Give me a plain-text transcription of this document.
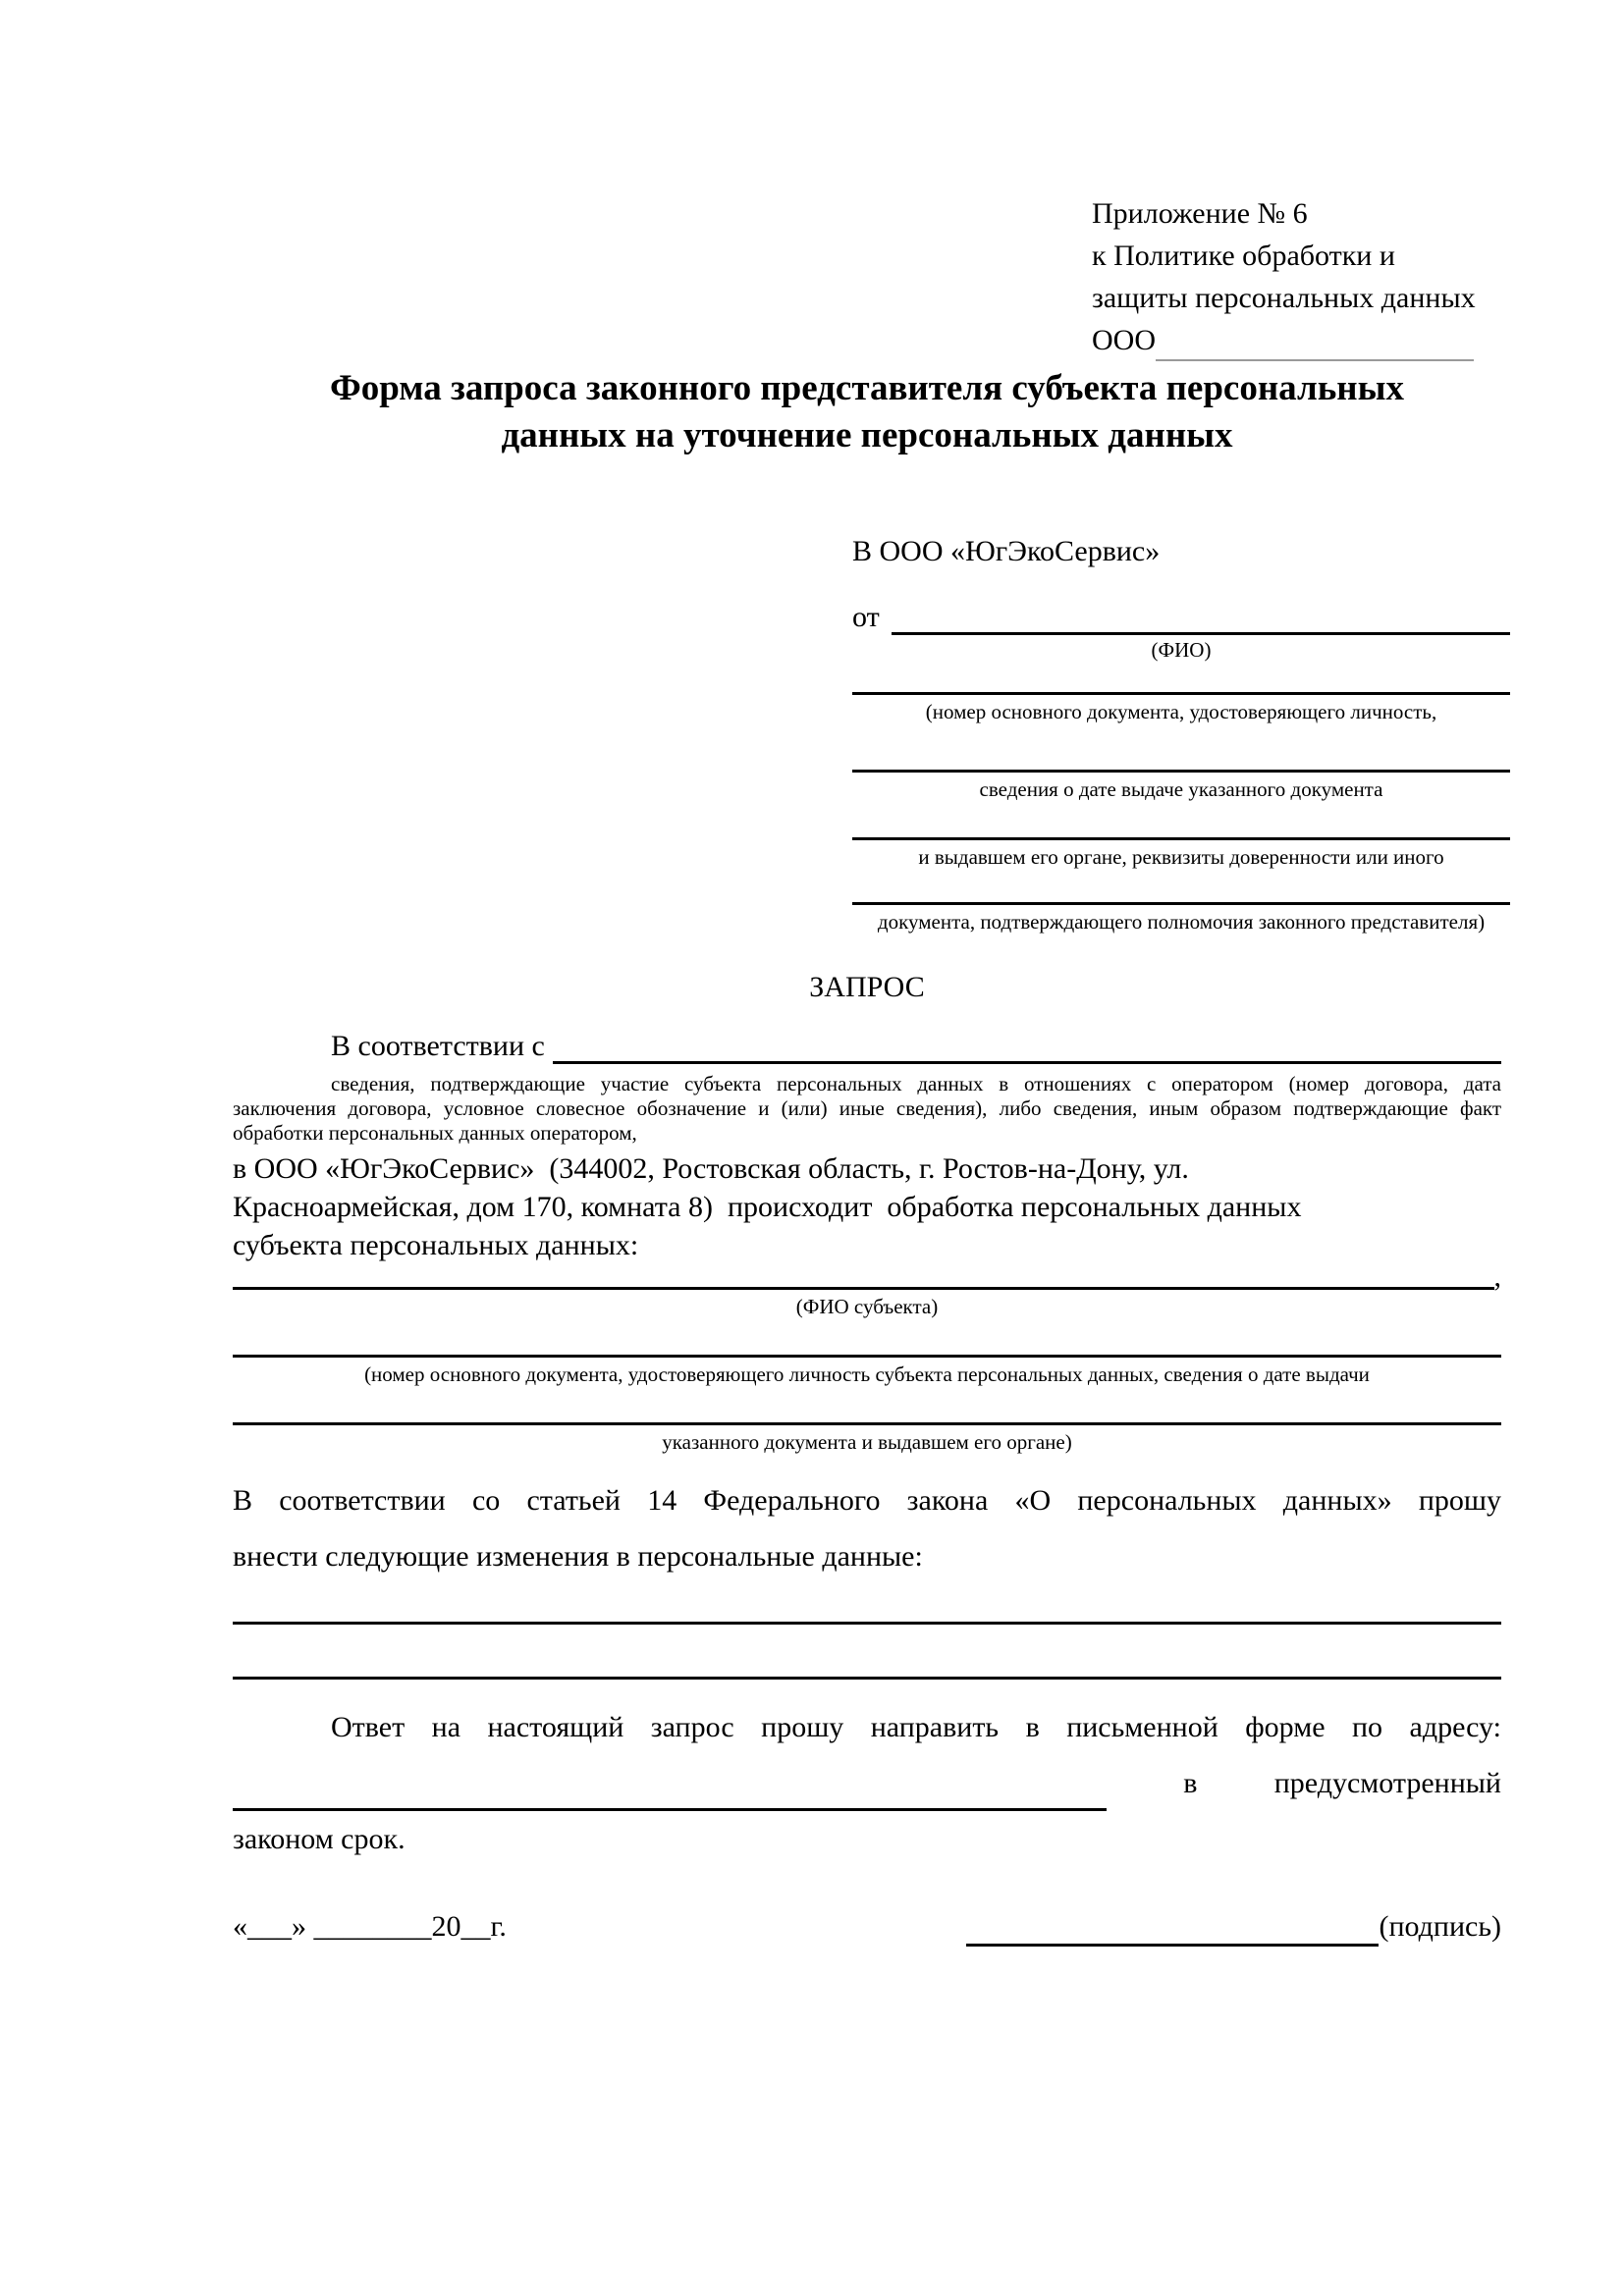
Приложение № 6
к Политике обработки и
защиты персональных данных
ООО
Форма запроса законного представителя субъекта персональных
данных на уточнение персональных данных
В ООО «ЮгЭкоСервис»
от
(ФИО)
(номер основного документа, удостоверяющего личность,
сведения о дате выдаче указанного документа
и выдавшем его органе, реквизиты доверенности или иного
документа, подтверждающего полномочия законного представителя)
ЗАПРОС
В соответствии с
сведения, подтверждающие участие субъекта персональных данных в отношениях с оператором (номер договора, дата
заключения договора, условное словесное обозначение и (или) иные сведения), либо сведения, иным образом подтверждающие факт
обработки персональных данных оператором,
в ООО «ЮгЭкоСервис»  (344002, Ростовская область, г. Ростов-на-Дону, ул.
Красноармейская, дом 170, комната 8)  происходит  обработка персональных данных
субъекта персональных данных:
,
(ФИО субъекта)
(номер основного документа, удостоверяющего личность субъекта персональных данных, сведения о дате выдачи
указанного документа и выдавшем его органе)
В соответствии со статьей 14 Федерального закона «О персональных данных» прошу
внести следующие изменения в персональные данные:
Ответ на настоящий запрос прошу направить в письменной форме по адресу:
в	предусмотренный
законом срок.
«___» ________20__г.	(подпись)
